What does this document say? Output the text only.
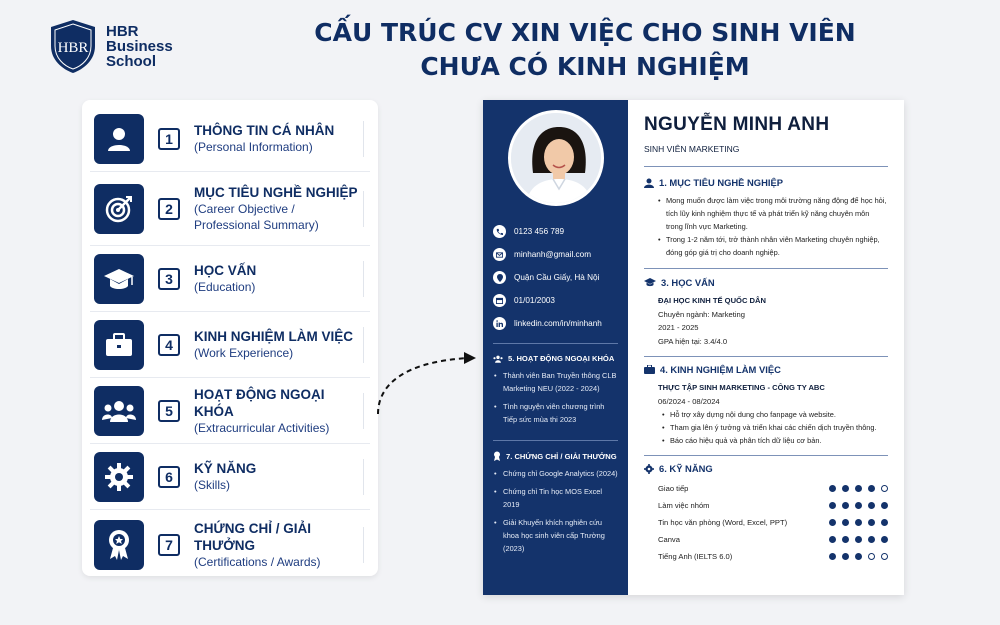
HBR
HBR
Business
School
CẤU TRÚC CV XIN VIỆC CHO SINH VIÊN
CHƯA CÓ KINH NGHIỆM
1	THÔNG TIN CÁ NHÂN
(Personal Information)
2
MỤC TIÊU NGHỀ NGHIỆP
(Career Objective / Professional Summary)
3	HỌC VẤN
(Education)
4	KINH NGHIỆM LÀM VIỆC
(Work Experience)
5
HOẠT ĐỘNG NGOẠI KHÓA
(Extracurricular Activities)
6	KỸ NĂNG
(Skills)
7
CHỨNG CHỈ / GIẢI THƯỞNG
(Certifications / Awards)
0123 456 789
minhanh@gmail.com
Quận Cầu Giấy, Hà Nội
01/01/2003
linkedin.com/in/minhanh
5. HOẠT ĐỘNG NGOẠI KHÓA
• Thành viên Ban Truyền thông CLB Marketing NEU (2022 - 2024)
• Tình nguyện viên chương trình Tiếp sức mùa thi 2023
7. CHỨNG CHỈ / GIẢI THƯỞNG
• Chứng chỉ Google Analytics (2024)
• Chứng chỉ Tin học MOS Excel 2019
• Giải Khuyến khích nghiên cứu khoa học sinh viên cấp Trường (2023)
NGUYỄN MINH ANH
SINH VIÊN MARKETING
1. MỤC TIÊU NGHỀ NGHIỆP
• Mong muốn được làm việc trong môi trường năng động để học hỏi, tích lũy kinh nghiệm thực tế và phát triển kỹ năng chuyên môn trong lĩnh vực Marketing.
• Trong 1-2 năm tới, trở thành nhân viên Marketing chuyên nghiệp, đóng góp giá trị cho doanh nghiệp.
3. HỌC VẤN
ĐẠI HỌC KINH TẾ QUỐC DÂN
Chuyên ngành: Marketing
2021 - 2025
GPA hiện tại: 3.4/4.0
4. KINH NGHIỆM LÀM VIỆC
THỰC TẬP SINH MARKETING - CÔNG TY ABC
06/2024 - 08/2024
• Hỗ trợ xây dựng nội dung cho fanpage và website.
• Tham gia lên ý tưởng và triển khai các chiến dịch truyền thông.
• Báo cáo hiệu quả và phân tích dữ liệu cơ bản.
6. KỸ NĂNG
Giao tiếp
Làm việc nhóm
Tin học văn phòng (Word, Excel, PPT)
Canva
Tiếng Anh (IELTS 6.0)
